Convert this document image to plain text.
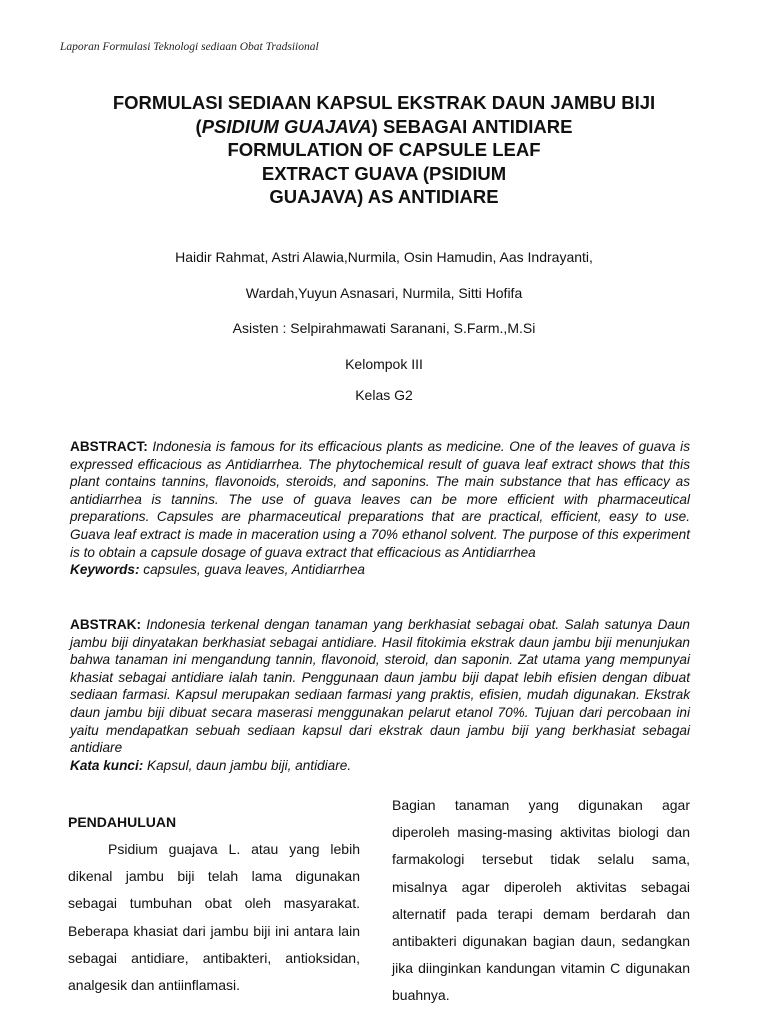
Laporan Formulasi Teknologi sediaan Obat Tradsiional
FORMULASI SEDIAAN KAPSUL EKSTRAK DAUN JAMBU BIJI
(PSIDIUM GUAJAVA) SEBAGAI ANTIDIARE
FORMULATION OF CAPSULE LEAF
EXTRACT GUAVA (PSIDIUM
GUAJAVA) AS ANTIDIARE
Haidir Rahmat, Astri Alawia,Nurmila, Osin Hamudin, Aas Indrayanti,
Wardah,Yuyun Asnasari, Nurmila, Sitti Hofifa
Asisten : Selpirahmawati Saranani, S.Farm.,M.Si
Kelompok III
Kelas G2
ABSTRACT: Indonesia is famous for its efficacious plants as medicine. One of the leaves of guava is expressed efficacious as Antidiarrhea. The phytochemical result of guava leaf extract shows that this plant contains tannins, flavonoids, steroids, and saponins. The main substance that has efficacy as antidiarrhea is tannins. The use of guava leaves can be more efficient with pharmaceutical preparations. Capsules are pharmaceutical preparations that are practical, efficient, easy to use. Guava leaf extract is made in maceration using a 70% ethanol solvent. The purpose of this experiment is to obtain a capsule dosage of guava extract that efficacious as Antidiarrhea
Keywords: capsules, guava leaves, Antidiarrhea
ABSTRAK: Indonesia terkenal dengan tanaman yang berkhasiat sebagai obat. Salah satunya Daun jambu biji dinyatakan berkhasiat sebagai antidiare. Hasil fitokimia ekstrak daun jambu biji menunjukan bahwa tanaman ini mengandung tannin, flavonoid, steroid, dan saponin. Zat utama yang mempunyai khasiat sebagai antidiare ialah tanin. Penggunaan daun jambu biji dapat lebih efisien dengan dibuat sediaan farmasi. Kapsul merupakan sediaan farmasi yang praktis, efisien, mudah digunakan. Ekstrak daun jambu biji dibuat secara maserasi menggunakan pelarut etanol 70%. Tujuan dari percobaan ini yaitu mendapatkan sebuah sediaan kapsul dari ekstrak daun jambu biji yang berkhasiat sebagai antidiare
Kata kunci: Kapsul, daun jambu biji, antidiare.
PENDAHULUAN
Psidium guajava L. atau yang lebih dikenal jambu biji telah lama digunakan sebagai tumbuhan obat oleh masyarakat. Beberapa khasiat dari jambu biji ini antara lain sebagai antidiare, antibakteri, antioksidan, analgesik dan antiinflamasi.
Bagian tanaman yang digunakan agar diperoleh masing-masing aktivitas biologi dan farmakologi tersebut tidak selalu sama, misalnya agar diperoleh aktivitas sebagai alternatif pada terapi demam berdarah dan antibakteri digunakan bagian daun, sedangkan jika diinginkan kandungan vitamin C digunakan buahnya.
